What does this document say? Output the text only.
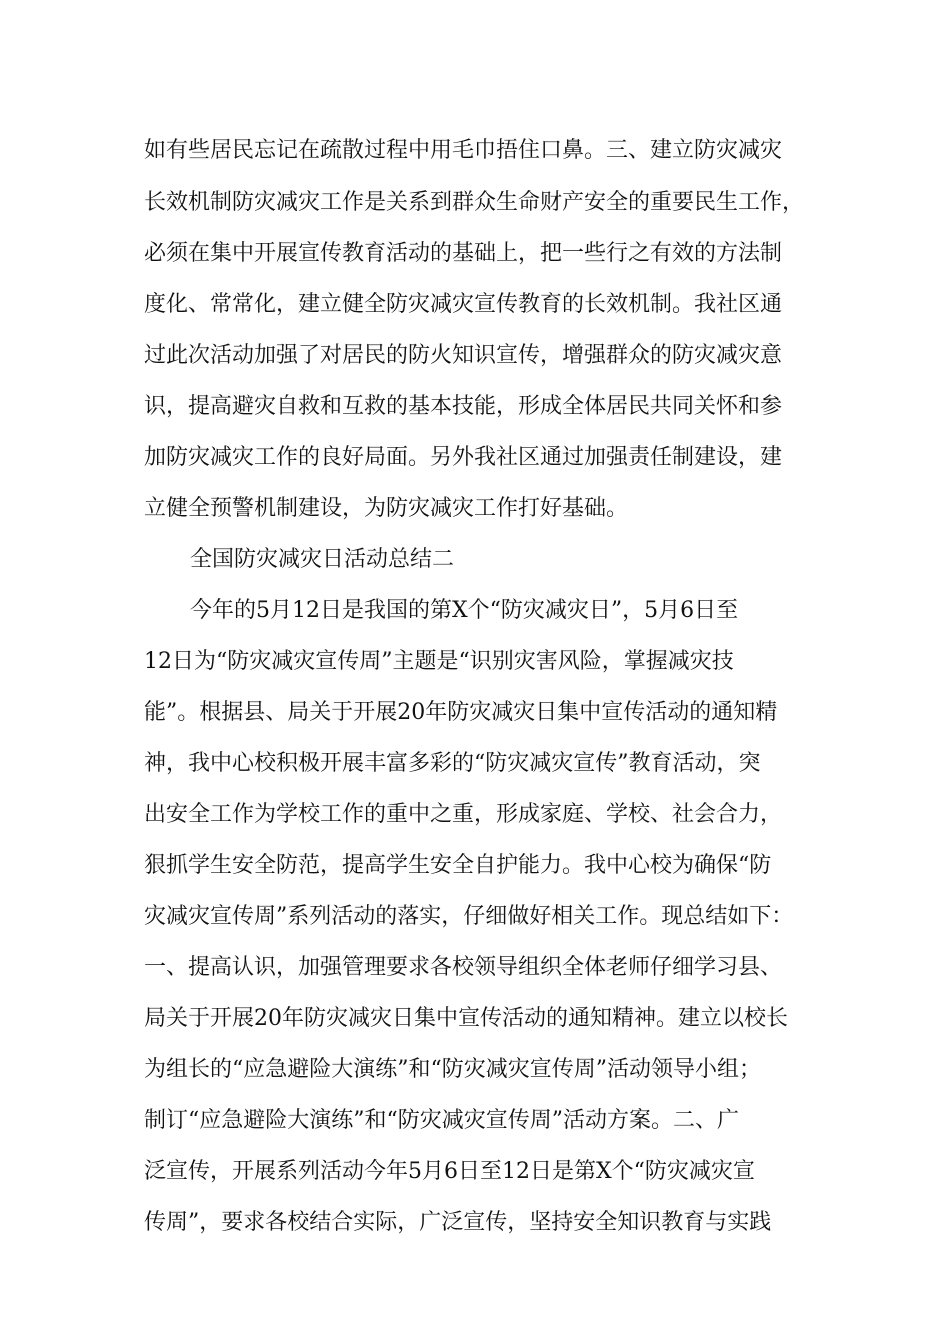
如有些居民忘记在疏散过程中用毛巾捂住口鼻。三、建立防灾减灾
长效机制防灾减灾工作是关系到群众生命财产安全的重要民生工作，
必须在集中开展宣传教育活动的基础上，把一些行之有效的方法制
度化、常常化，建立健全防灾减灾宣传教育的长效机制。我社区通
过此次活动加强了对居民的防火知识宣传，增强群众的防灾减灾意
识，提高避灾自救和互救的基本技能，形成全体居民共同关怀和参
加防灾减灾工作的良好局面。另外我社区通过加强责任制建设，建
立健全预警机制建设，为防灾减灾工作打好基础。
全国防灾减灾日活动总结二
今年的5月12日是我国的第X个“防灾减灾日”，5月6日至
12日为“防灾减灾宣传周”主题是“识别灾害风险，掌握减灾技
能”。根据县、局关于开展20年防灾减灾日集中宣传活动的通知精
神，我中心校积极开展丰富多彩的“防灾减灾宣传”教育活动，突
出安全工作为学校工作的重中之重，形成家庭、学校、社会合力，
狠抓学生安全防范，提高学生安全自护能力。我中心校为确保“防
灾减灾宣传周”系列活动的落实，仔细做好相关工作。现总结如下：
一、提高认识，加强管理要求各校领导组织全体老师仔细学习县、
局关于开展20年防灾减灾日集中宣传活动的通知精神。建立以校长
为组长的“应急避险大演练”和“防灾减灾宣传周”活动领导小组；
制订“应急避险大演练”和“防灾减灾宣传周”活动方案。二、广
泛宣传，开展系列活动今年5月6日至12日是第X个“防灾减灾宣
传周”，要求各校结合实际，广泛宣传，坚持安全知识教育与实践
